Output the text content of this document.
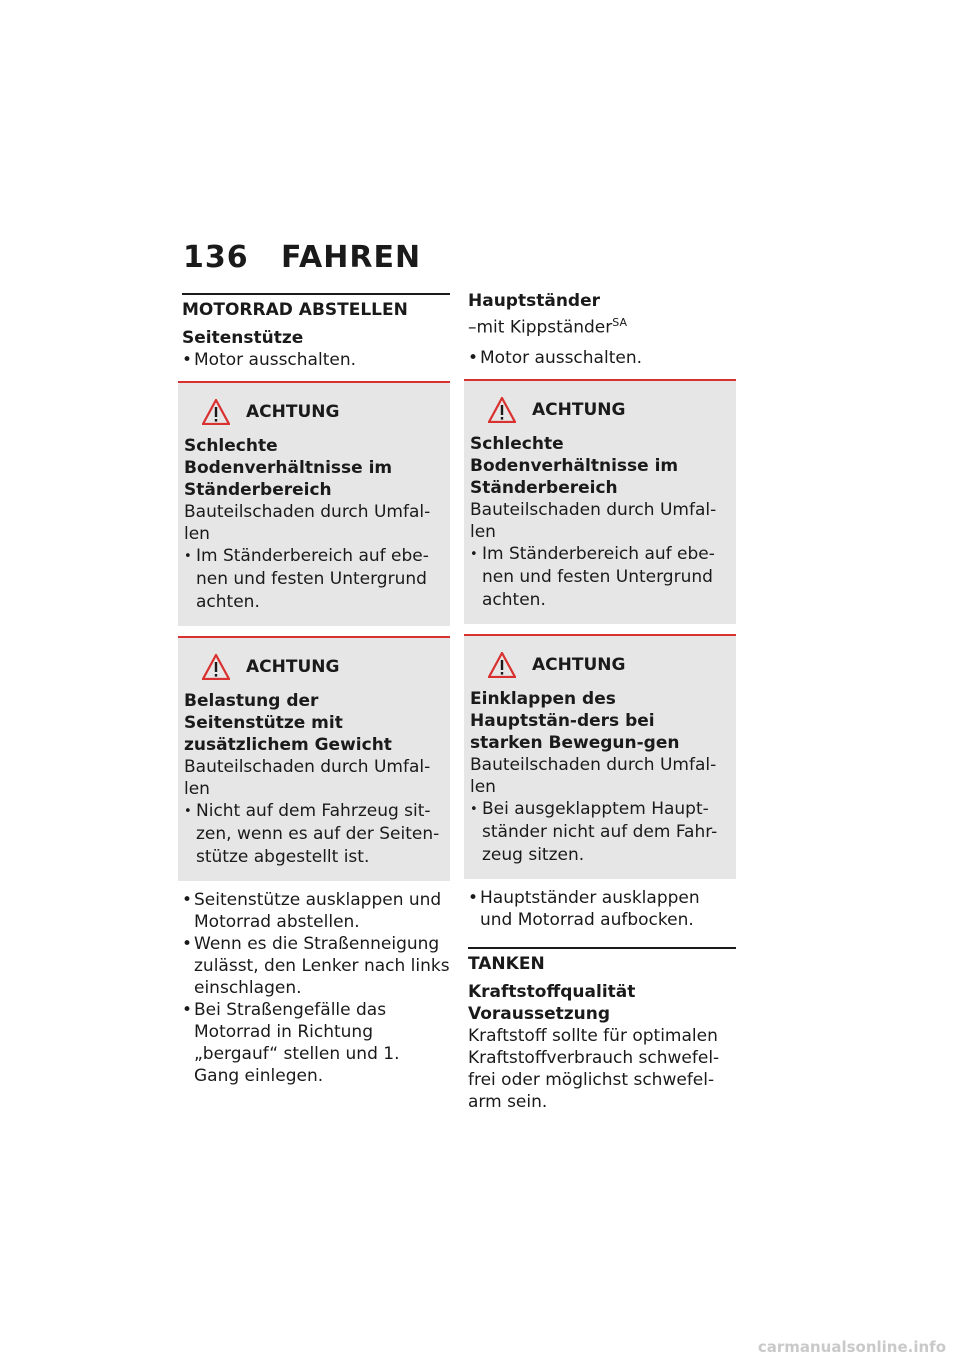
136 FAHREN
MOTORRAD ABSTELLEN
Seitenstütze
• Motor ausschalten.
ACHTUNG
Schlechte Bodenverhältnisse im Ständerbereich
Bauteilschaden durch Umfal-len
• Im Ständerbereich auf ebe-nen und festen Untergrund achten.
ACHTUNG
Belastung der Seitenstütze mit zusätzlichem Gewicht
Bauteilschaden durch Umfal-len
• Nicht auf dem Fahrzeug sit-zen, wenn es auf der Seiten-stütze abgestellt ist.
• Seitenstütze ausklappen und Motorrad abstellen.
• Wenn es die Straßenneigung zulässt, den Lenker nach links einschlagen.
• Bei Straßengefälle das Motorrad in Richtung „bergauf“ stellen und 1. Gang einlegen.
Hauptständer
–mit Kippständer$^{SA}$
• Motor ausschalten.
ACHTUNG
Schlechte Bodenverhältnisse im Ständerbereich
Bauteilschaden durch Umfal-len
• Im Ständerbereich auf ebe-nen und festen Untergrund achten.
ACHTUNG
Einklappen des Hauptstän-ders bei starken Bewegun-gen
Bauteilschaden durch Umfal-len
• Bei ausgeklapptem Haupt-ständer nicht auf dem Fahr-zeug sitzen.
• Hauptständer ausklappen und Motorrad aufbocken.
TANKEN
Kraftstoffqualität
Voraussetzung
Kraftstoff sollte für optimalen Kraftstoffverbrauch schwefel-frei oder möglichst schwefel-arm sein.
carmanualsonline.info
